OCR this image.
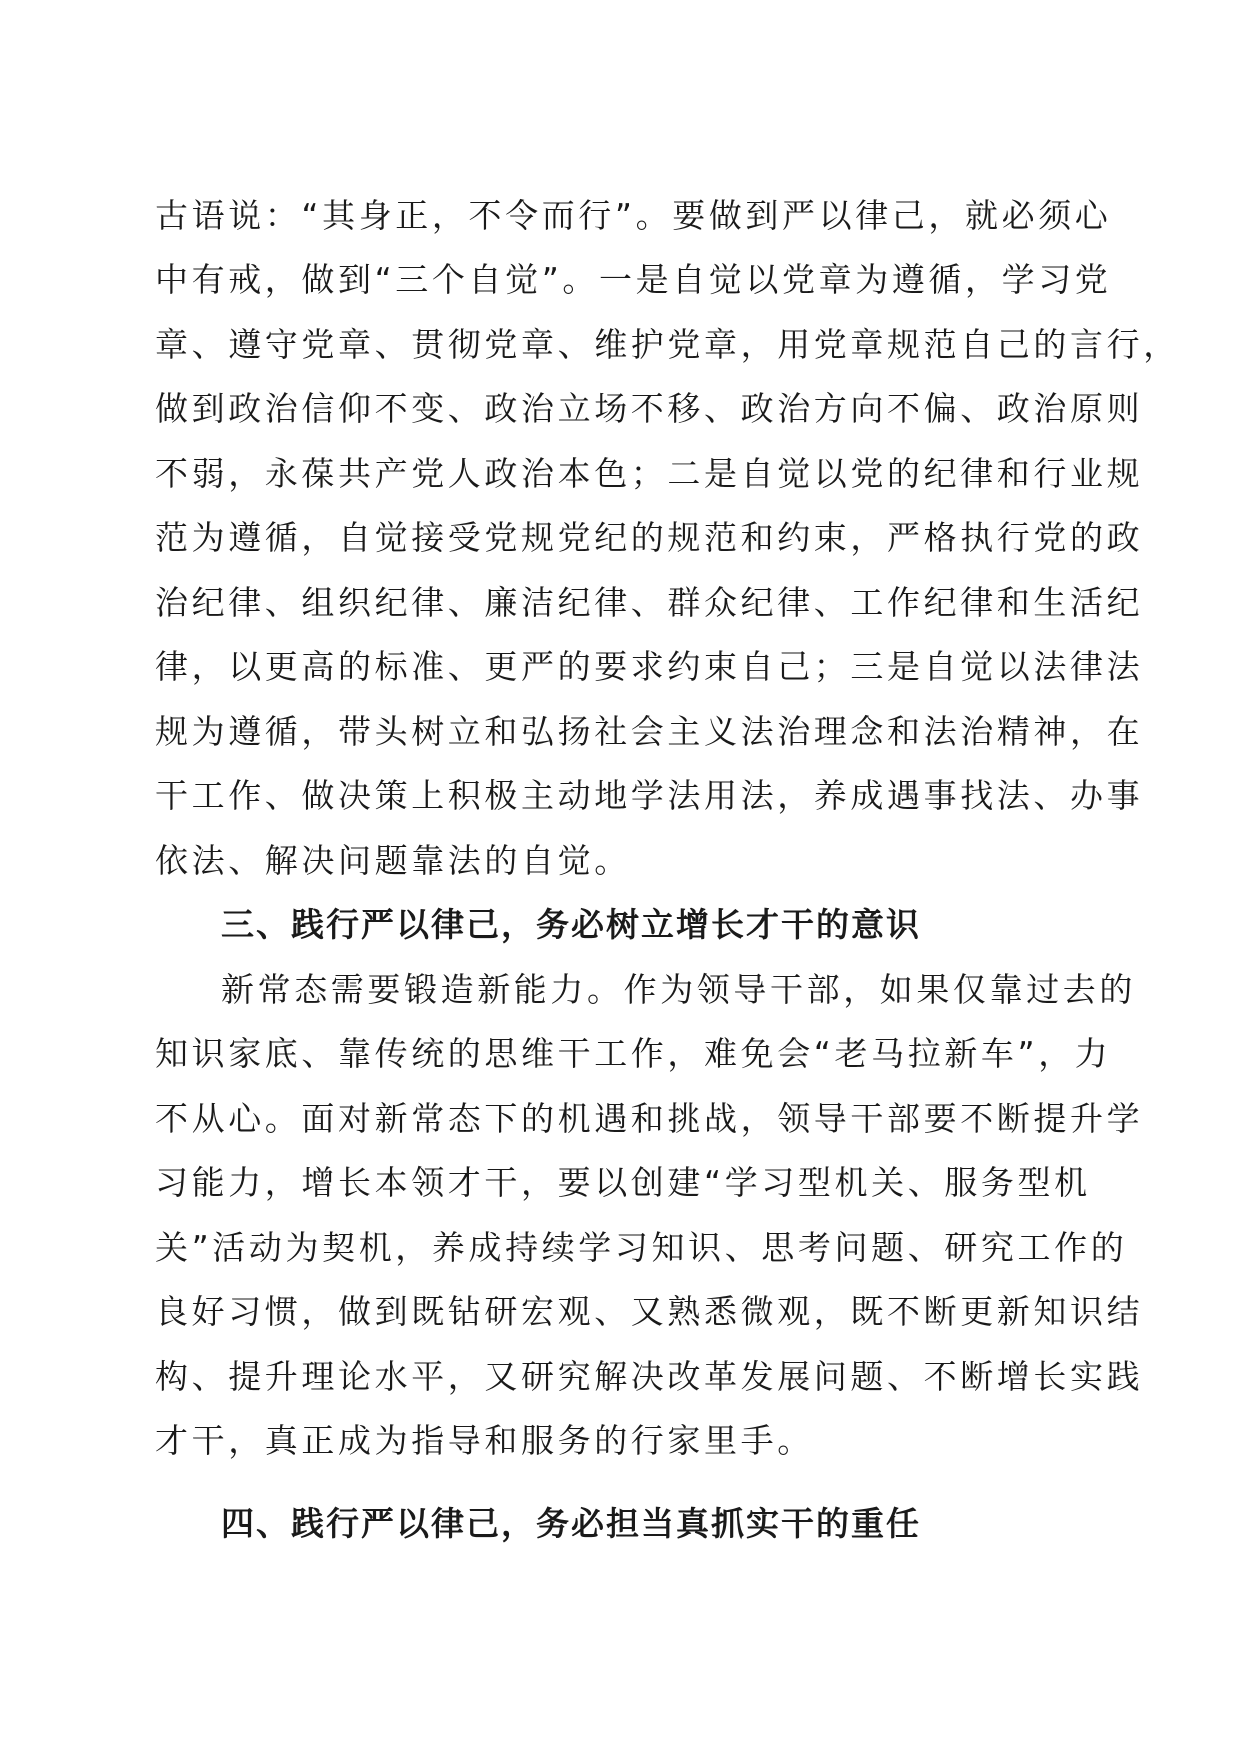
古语说：“其身正，不令而行”。要做到严以律己，就必须心
中有戒，做到“三个自觉”。一是自觉以党章为遵循，学习党
章、遵守党章、贯彻党章、维护党章，用党章规范自己的言行，
做到政治信仰不变、政治立场不移、政治方向不偏、政治原则
不弱，永葆共产党人政治本色；二是自觉以党的纪律和行业规
范为遵循，自觉接受党规党纪的规范和约束，严格执行党的政
治纪律、组织纪律、廉洁纪律、群众纪律、工作纪律和生活纪
律，以更高的标准、更严的要求约束自己；三是自觉以法律法
规为遵循，带头树立和弘扬社会主义法治理念和法治精神，在
干工作、做决策上积极主动地学法用法，养成遇事找法、办事
依法、解决问题靠法的自觉。
三、践行严以律己，务必树立增长才干的意识
新常态需要锻造新能力。作为领导干部，如果仅靠过去的
知识家底、靠传统的思维干工作，难免会“老马拉新车”，力
不从心。面对新常态下的机遇和挑战，领导干部要不断提升学
习能力，增长本领才干，要以创建“学习型机关、服务型机
关”活动为契机，养成持续学习知识、思考问题、研究工作的
良好习惯，做到既钻研宏观、又熟悉微观，既不断更新知识结
构、提升理论水平，又研究解决改革发展问题、不断增长实践
才干，真正成为指导和服务的行家里手。
四、践行严以律己，务必担当真抓实干的重任
